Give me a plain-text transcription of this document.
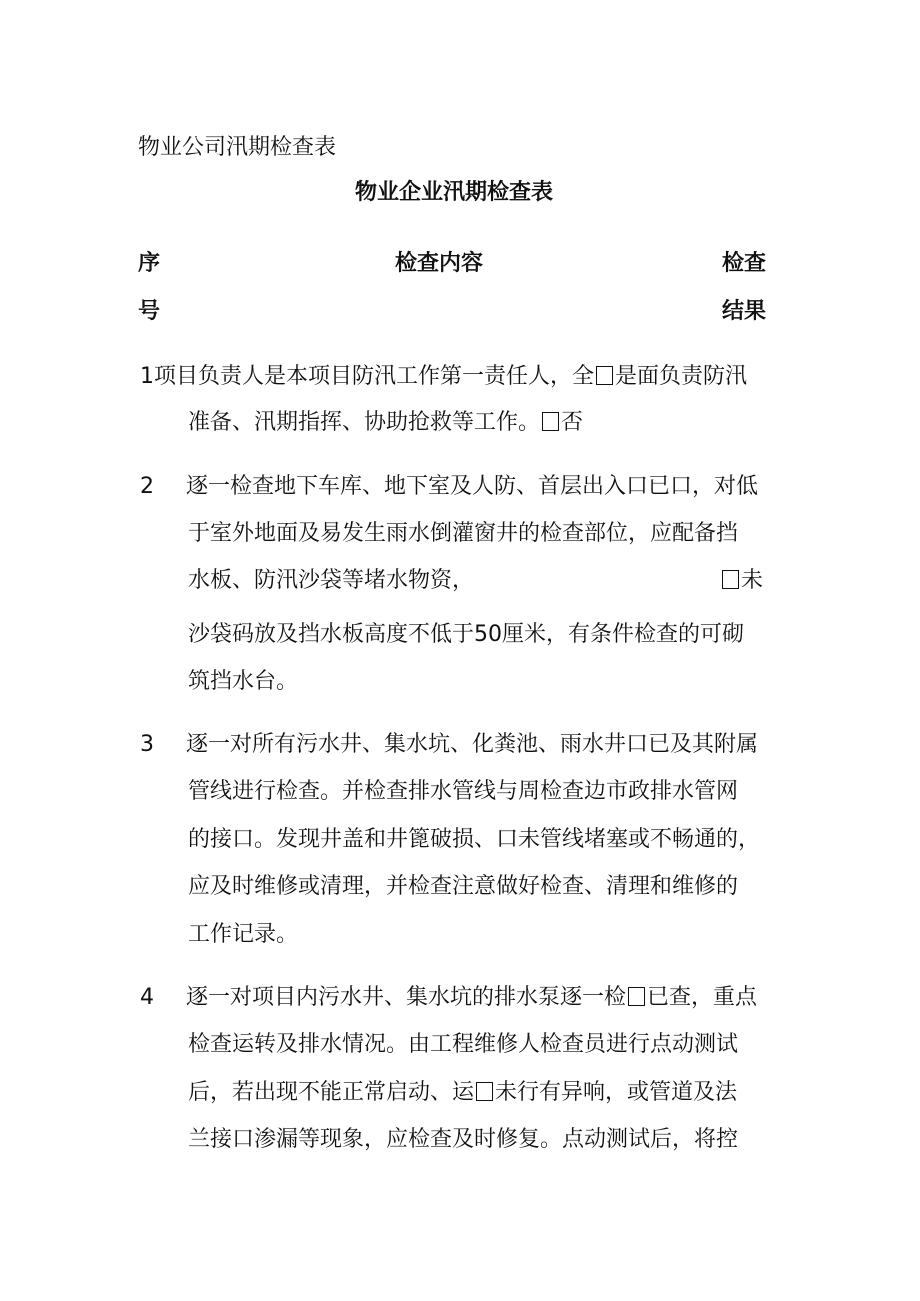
物业公司汛期检查表
物业企业汛期检查表
序
号
检查内容	检查
结果
1项目负责人是本项目防汛工作第一责任人，全 是面负责防汛
准备、汛期指挥、协助抢救等工作。 否
2 逐一检查地下车库、地下室及人防、首层出入口已口，对低
于室外地面及易发生雨水倒灌窗井的检查部位，应配备挡
水板、防汛沙袋等堵水物资，	未
沙袋码放及挡水板高度不低于50厘米，有条件检查的可砌
筑挡水台。
3 逐一对所有污水井、集水坑、化粪池、雨水井口已及其附属
管线进行检查。并检查排水管线与周检查边市政排水管网
的接口。发现井盖和井篦破损、口未管线堵塞或不畅通的，
应及时维修或清理，并检查注意做好检查、清理和维修的
工作记录。
4 逐一对项目内污水井、集水坑的排水泵逐一检 已查，重点
检查运转及排水情况。由工程维修人检查员进行点动测试
后，若出现不能正常启动、运 未行有异响，或管道及法
兰接口渗漏等现象，应检查及时修复。点动测试后，将控
